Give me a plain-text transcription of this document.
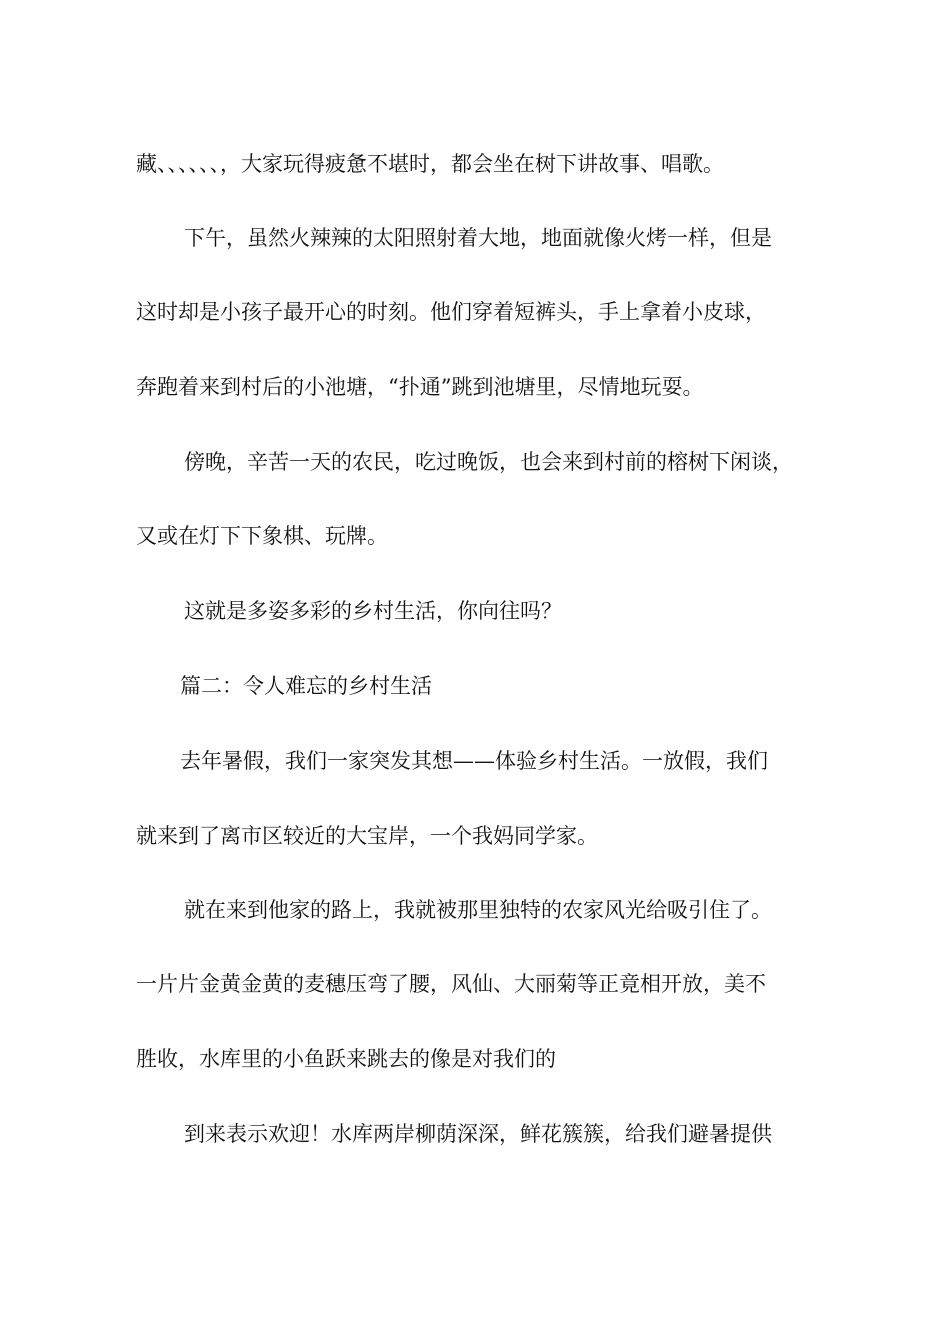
藏、、、、、、，大家玩得疲惫不堪时，都会坐在树下讲故事、唱歌。
下午，虽然火辣辣的太阳照射着大地，地面就像火烤一样，但是
这时却是小孩子最开心的时刻。他们穿着短裤头，手上拿着小皮球，
奔跑着来到村后的小池塘，“扑通”跳到池塘里，尽情地玩耍。
傍晚，辛苦一天的农民，吃过晚饭，也会来到村前的榕树下闲谈，
又或在灯下下象棋、玩牌。
这就是多姿多彩的乡村生活，你向往吗？
篇二：令人难忘的乡村生活
去年暑假，我们一家突发其想——体验乡村生活。一放假，我们
就来到了离市区较近的大宝岸，一个我妈同学家。
就在来到他家的路上，我就被那里独特的农家风光给吸引住了。
一片片金黄金黄的麦穗压弯了腰，风仙、大丽菊等正竟相开放，美不
胜收，水库里的小鱼跃来跳去的像是对我们的
到来表示欢迎！水库两岸柳荫深深，鲜花簇簇，给我们避暑提供
